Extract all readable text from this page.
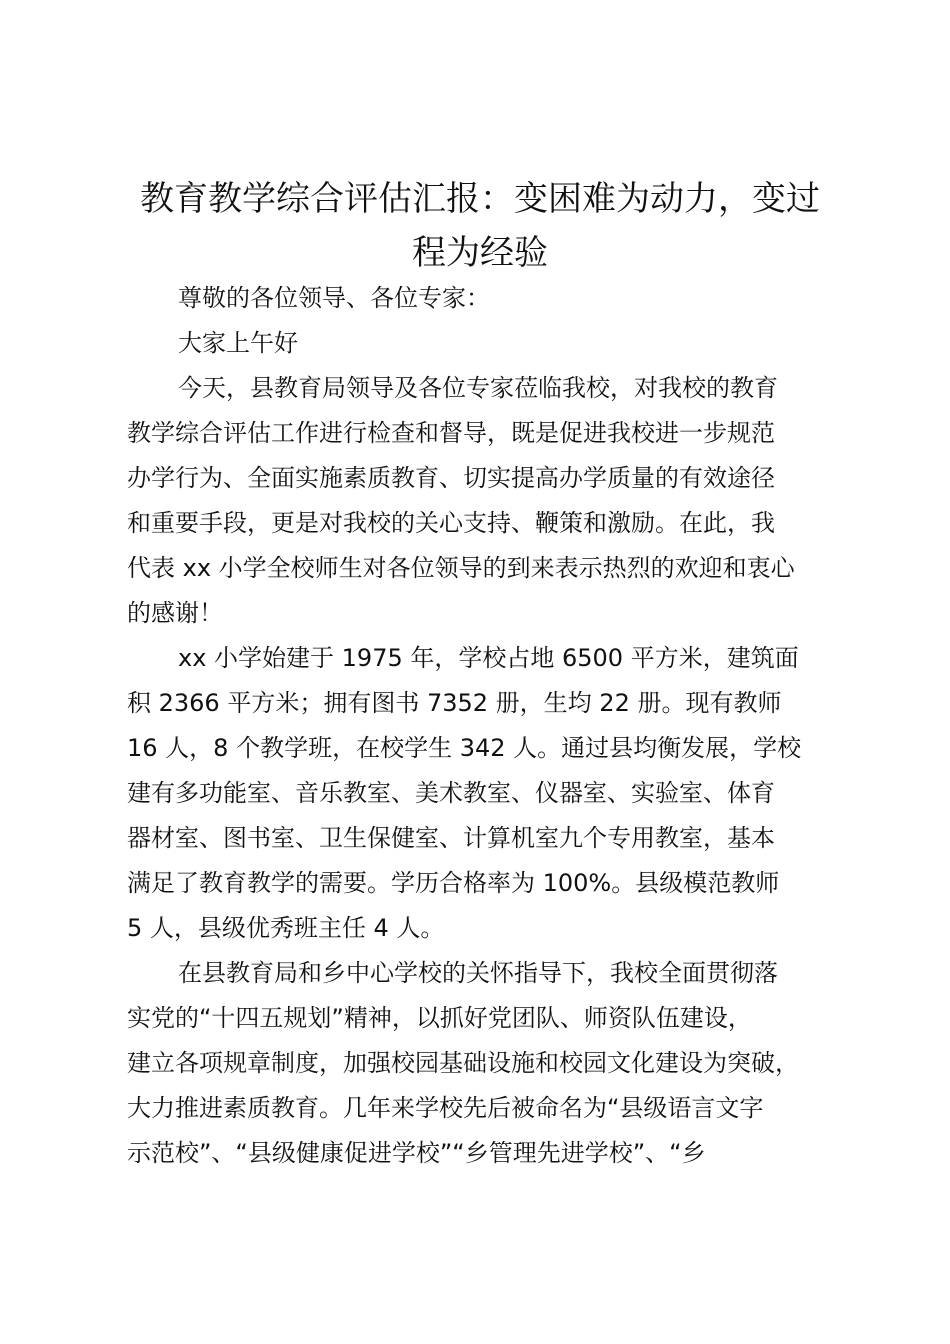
教育教学综合评估汇报：变困难为动力，变过
程为经验
尊敬的各位领导、各位专家：
大家上午好
今天，县教育局领导及各位专家莅临我校，对我校的教育
教学综合评估工作进行检查和督导，既是促进我校进一步规范
办学行为、全面实施素质教育、切实提高办学质量的有效途径
和重要手段，更是对我校的关心支持、鞭策和激励。在此，我
代表 xx 小学全校师生对各位领导的到来表示热烈的欢迎和衷心
的感谢！
xx 小学始建于 1975 年，学校占地 6500 平方米，建筑面
积 2366 平方米；拥有图书 7352 册，生均 22 册。现有教师
16 人，8 个教学班，在校学生 342 人。通过县均衡发展，学校
建有多功能室、音乐教室、美术教室、仪器室、实验室、体育
器材室、图书室、卫生保健室、计算机室九个专用教室，基本
满足了教育教学的需要。学历合格率为 100%。县级模范教师
5 人，县级优秀班主任 4 人。
在县教育局和乡中心学校的关怀指导下，我校全面贯彻落
实党的“十四五规划”精神，以抓好党团队、师资队伍建设，
建立各项规章制度，加强校园基础设施和校园文化建设为突破，
大力推进素质教育。几年来学校先后被命名为“县级语言文字
示范校”、“县级健康促进学校”“乡管理先进学校”、“乡
